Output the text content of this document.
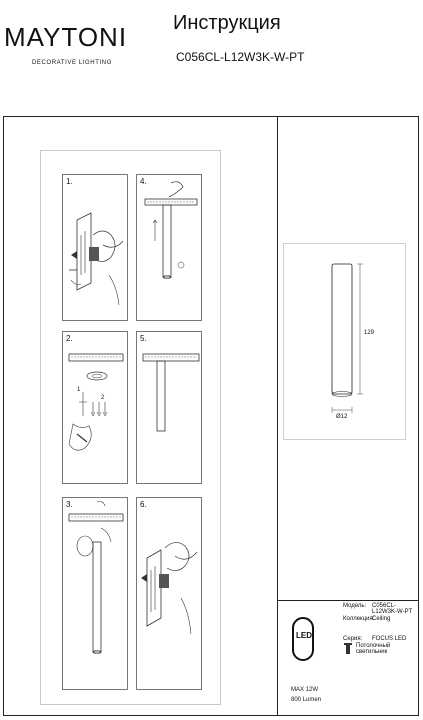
MAYTONI
DECORATIVE LIGHTING
Инструкция
C056CL-L12W3K-W-PT
1.	4.
2.
1
2
5.
3.	6.
129
Ø12
Модель: C056CL-L12W3K-W-PT
Коллекция:
Ceiling
Серия: FOCUS LED
Потолочный светильник
LED
MAX 12W
800 Lumen
